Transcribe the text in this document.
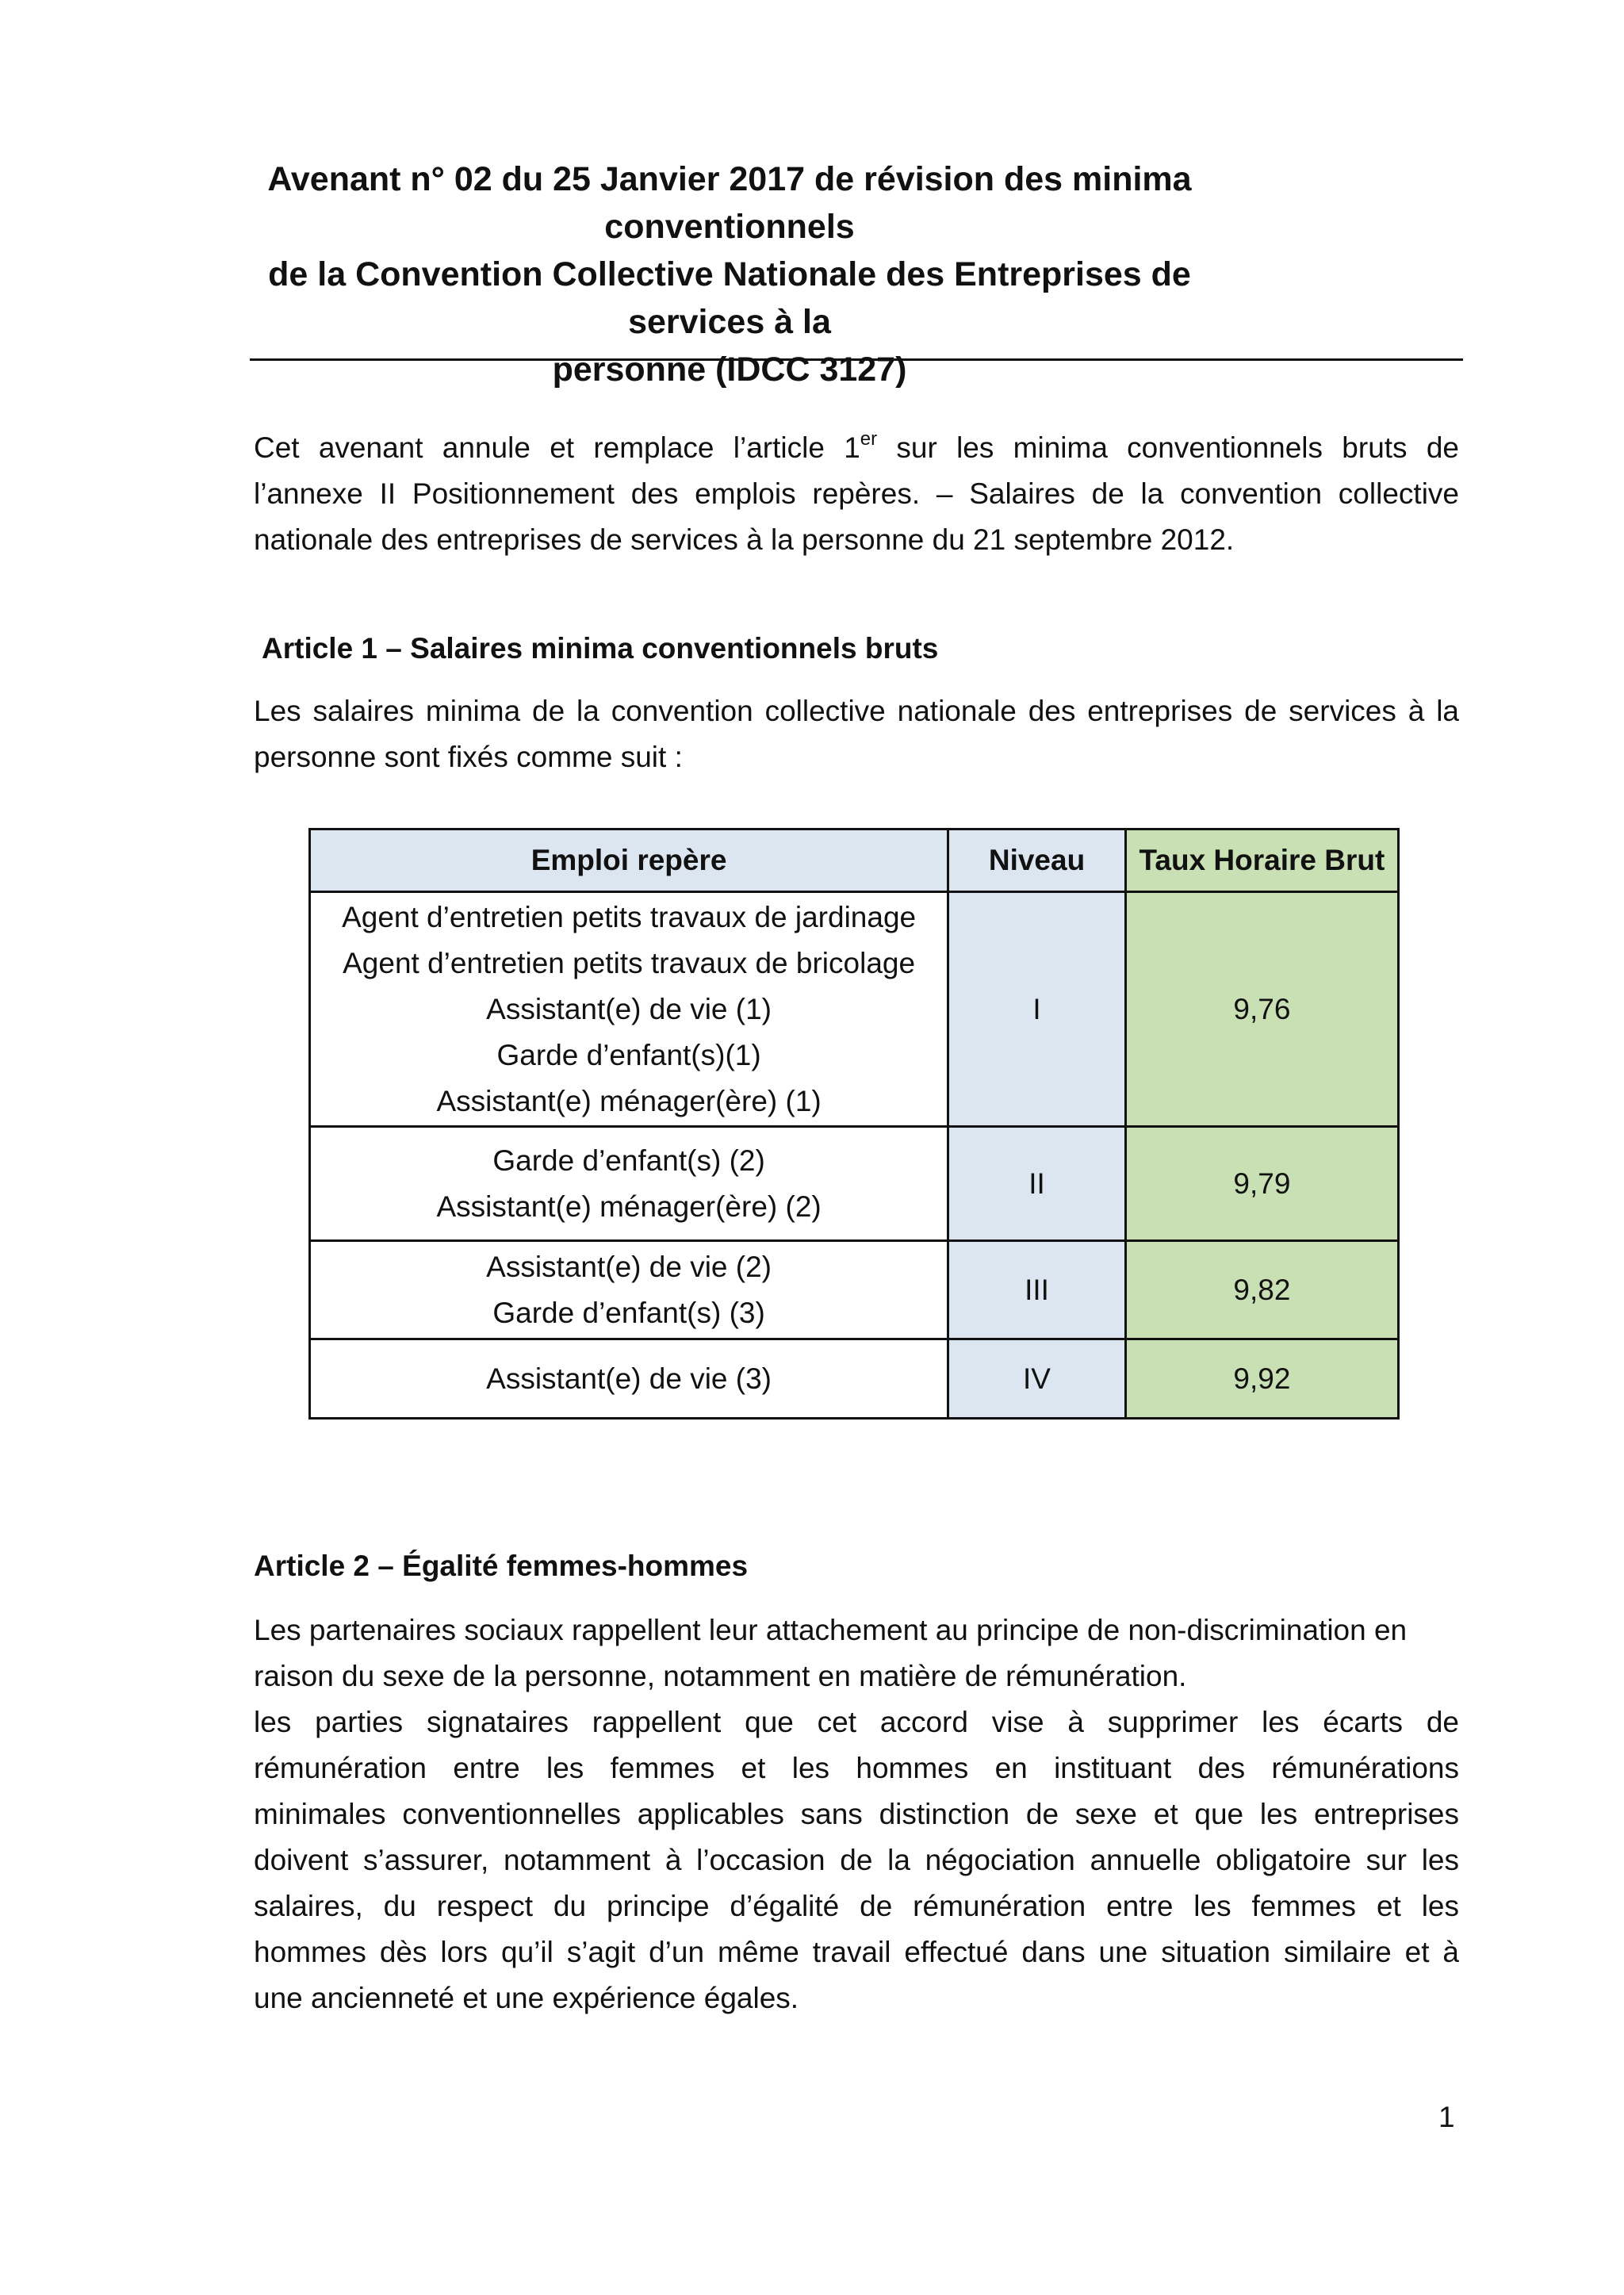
Avenant n° 02 du 25 Janvier 2017 de révision des minima conventionnels
de la Convention Collective Nationale des Entreprises de services à la
personne (IDCC 3127)
Cet avenant annule et remplace l’article 1er sur les minima conventionnels bruts de
l’annexe II Positionnement des emplois repères. – Salaires de la convention collective
nationale des entreprises de services à la personne du 21 septembre 2012.
Article 1 – Salaires minima conventionnels bruts
Les salaires minima de la convention collective nationale des entreprises de services à la
personne sont fixés comme suit :
Emploi repère	Niveau	Taux Horaire Brut

Agent d’entretien petits travaux de jardinage
Agent d’entretien petits travaux de bricolage
Assistant(e) de vie (1)
Garde d’enfant(s)(1)
Assistant(e) ménager(ère) (1)	I	9,76

Garde d’enfant(s) (2)
Assistant(e) ménager(ère) (2)	II	9,79

Assistant(e) de vie (2)
Garde d’enfant(s) (3)	III	9,82

Assistant(e) de vie (3)	IV	9,92
Article 2 – Égalité femmes-hommes
Les partenaires sociaux rappellent leur attachement au principe de non-discrimination en
raison du sexe de la personne, notamment en matière de rémunération.
les parties signataires rappellent que cet accord vise à supprimer les écarts de
rémunération entre les femmes et les hommes en instituant des rémunérations
minimales conventionnelles applicables sans distinction de sexe et que les entreprises
doivent s’assurer, notamment à l’occasion de la négociation annuelle obligatoire sur les
salaires, du respect du principe d’égalité de rémunération entre les femmes et les
hommes dès lors qu’il s’agit d’un même travail effectué dans une situation similaire et à
une ancienneté et une expérience égales.
1
